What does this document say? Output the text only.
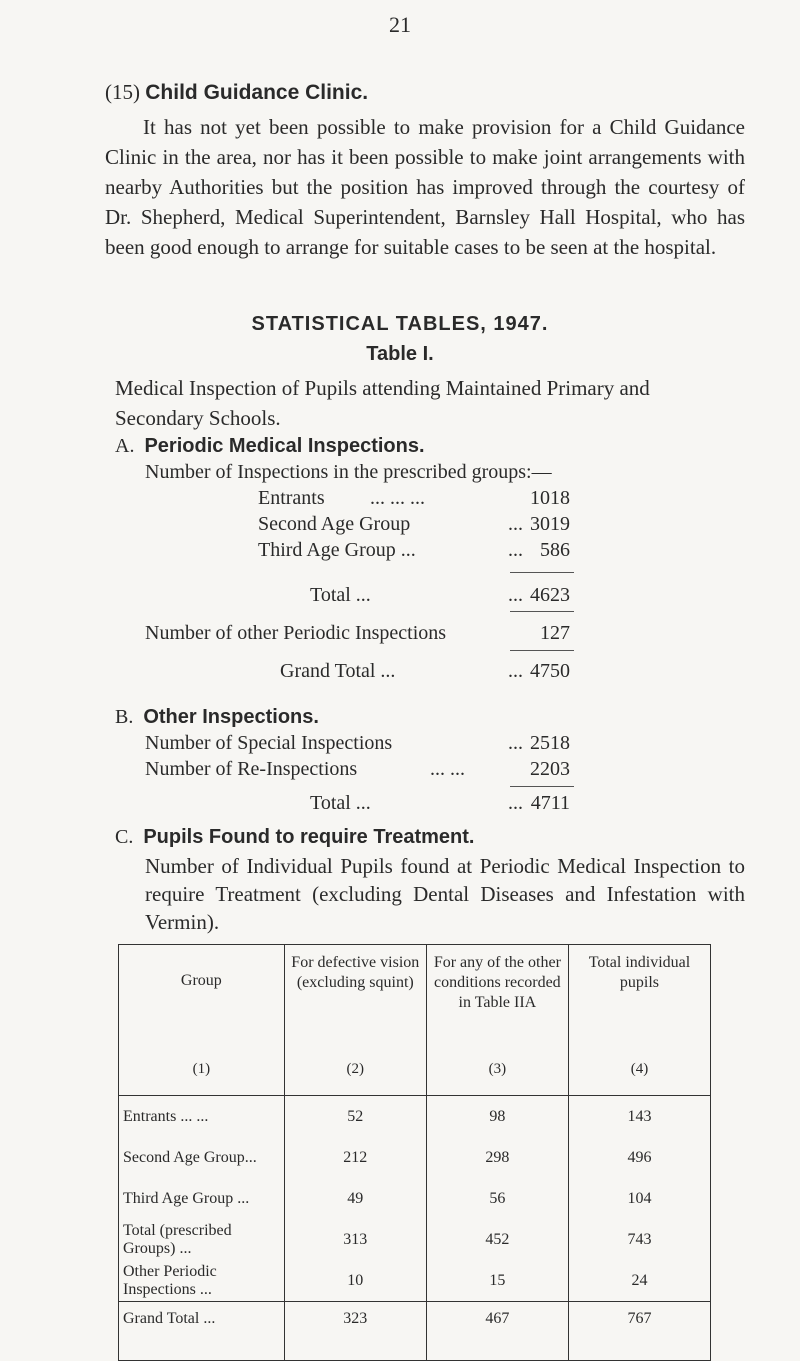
21
(15) Child Guidance Clinic.
It has not yet been possible to make provision for a Child Guidance Clinic in the area, nor has it been possible to make joint arrangements with nearby Authorities but the position has improved through the courtesy of Dr. Shepherd, Medical Superintendent, Barnsley Hall Hospital, who has been good enough to arrange for suitable cases to be seen at the hospital.
STATISTICAL TABLES, 1947.
Table I.
Medical Inspection of Pupils attending Maintained Primary and
Secondary Schools.
A. Periodic Medical Inspections.
Number of Inspections in the prescribed groups:—
Entrants ... ... ...	1018
Second Age Group	... 3019
Third Age Group ...	... 586
Total ...	... 4623
Number of other Periodic Inspections	127
Grand Total ...	... 4750
B. Other Inspections.
Number of Special Inspections	... 2518
Number of Re-Inspections	... ...	2203
Total ...	... 4711
C. Pupils Found to require Treatment.
Number of Individual Pupils found at Periodic Medical Inspection to require Treatment (excluding Dental Diseases and Infestation with Vermin).
Group	For defective vision (excluding squint)	For any of the other conditions recorded in Table IIA	Total individual pupils
(1)	(2)	(3)	(4)
Entrants ... ...	52	98	143
Second Age Group...	212	298	496
Third Age Group ...	49	56	104
Total (prescribed Groups) ...	313	452	743
Other Periodic Inspections ...	10	15	24
Grand Total ...	323	467	767
